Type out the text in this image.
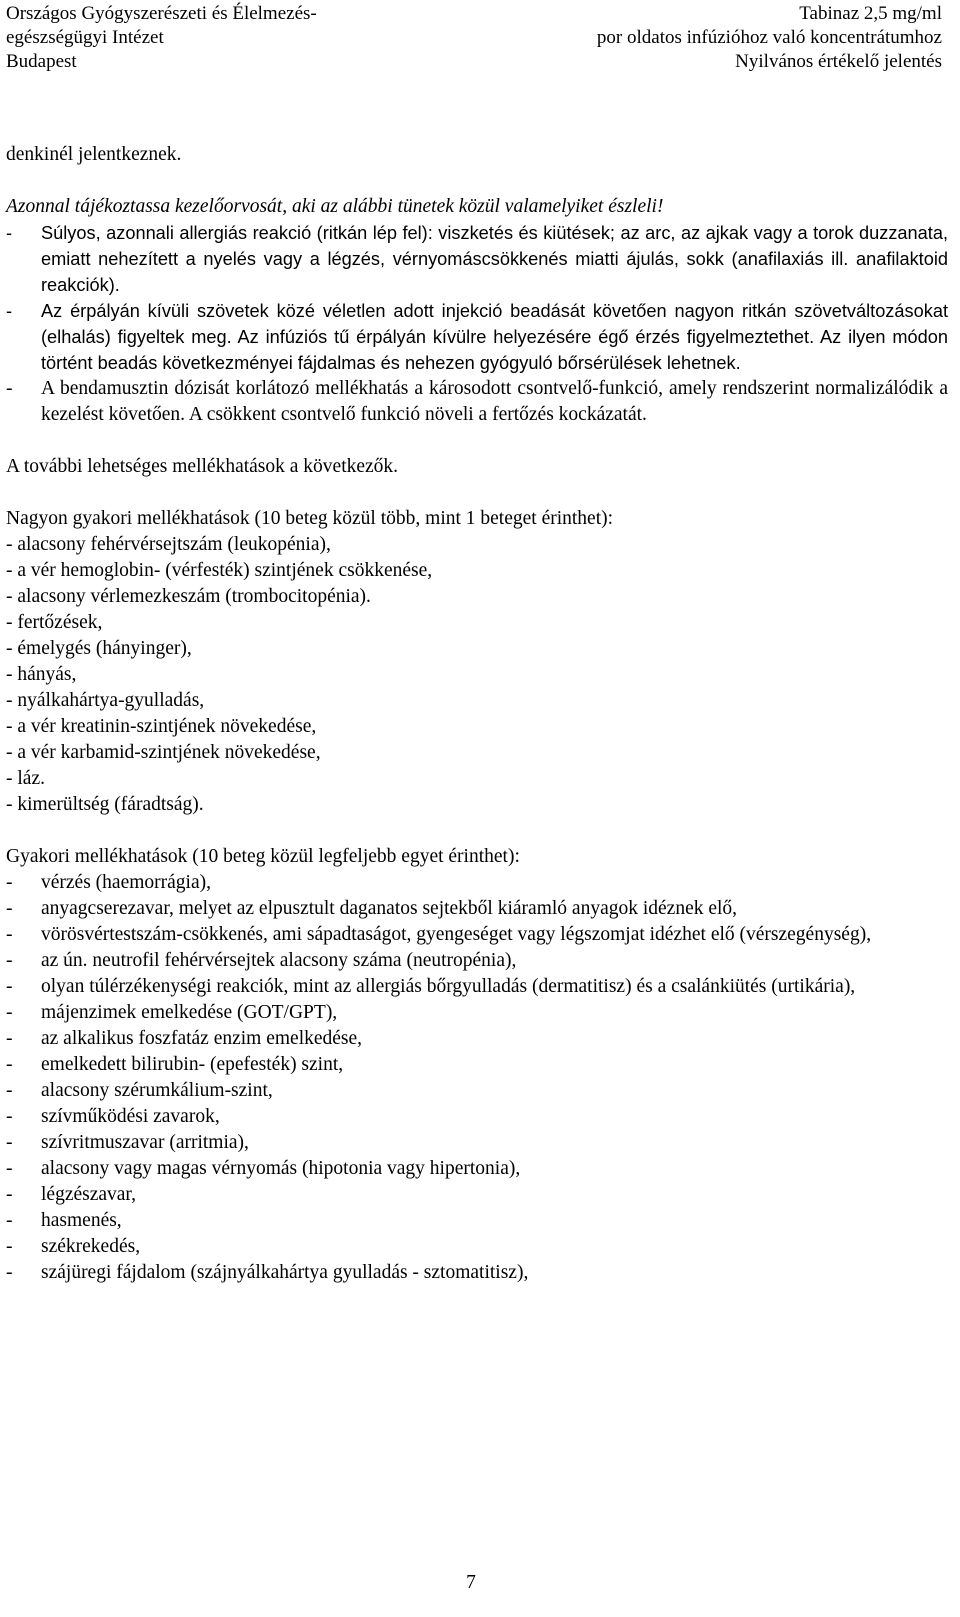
Országos Gyógyszerészeti és Élelmezés-
egészségügyi Intézet
Budapest
Tabinaz 2,5 mg/ml
por oldatos infúzióhoz való koncentrátumhoz
Nyilvános értékelő jelentés

denkinél jelentkeznek.

Azonnal tájékoztassa kezelőorvosát, aki az alábbi tünetek közül valamelyiket észleli!

- Súlyos, azonnali allergiás reakció (ritkán lép fel): viszketés és kiütések; az arc, az ajkak vagy a torok duzzanata, emiatt nehezített a nyelés vagy a légzés, vérnyomáscsökkenés miatti ájulás, sokk (anafilaxiás ill. anafilaktoid reakciók).
- Az érpályán kívüli szövetek közé véletlen adott injekció beadását követően nagyon ritkán szövetváltozásokat (elhalás) figyeltek meg. Az infúziós tű érpályán kívülre helyezésére égő érzés figyelmeztethet. Az ilyen módon történt beadás következményei fájdalmas és nehezen gyógyuló bőrsérülések lehetnek.
- A bendamusztin dózisát korlátozó mellékhatás a károsodott csontvelő-funkció, amely rendszerint normalizálódik a kezelést követően. A csökkent csontvelő funkció növeli a fertőzés kockázatát.

A további lehetséges mellékhatások a következők.

Nagyon gyakori mellékhatások (10 beteg közül több, mint 1 beteget érinthet):

- alacsony fehérvérsejtszám (leukopénia),
- a vér hemoglobin- (vérfesték) szintjének csökkenése,
- alacsony vérlemezkeszám (trombocitopénia).
- fertőzések,
- émelygés (hányinger),
- hányás,
- nyálkahártya-gyulladás,
- a vér kreatinin-szintjének növekedése,
- a vér karbamid-szintjének növekedése,
- láz.
- kimerültség (fáradtság).

Gyakori mellékhatások (10 beteg közül legfeljebb egyet érinthet):

- vérzés (haemorrágia),
- anyagcserezavar, melyet az elpusztult daganatos sejtekből kiáramló anyagok idéznek elő,
- vörösvértestszám-csökkenés, ami sápadtaságot, gyengeséget vagy légszomjat idézhet elő (vérszegénység),
- az ún. neutrofil fehérvérsejtek alacsony száma (neutropénia),
- olyan túlérzékenységi reakciók, mint az allergiás bőrgyulladás (dermatitisz) és a csalánkiütés (urtikária),
- májenzimek emelkedése (GOT/GPT),
- az alkalikus foszfatáz enzim emelkedése,
- emelkedett bilirubin- (epefesték) szint,
- alacsony szérumkálium-szint,
- szívműködési zavarok,
- szívritmuszavar (arritmia),
- alacsony vagy magas vérnyomás (hipotonia vagy hipertonia),
- légzészavar,
- hasmenés,
- székrekedés,
- szájüregi fájdalom (szájnyálkahártya gyulladás - sztomatitisz),
7
